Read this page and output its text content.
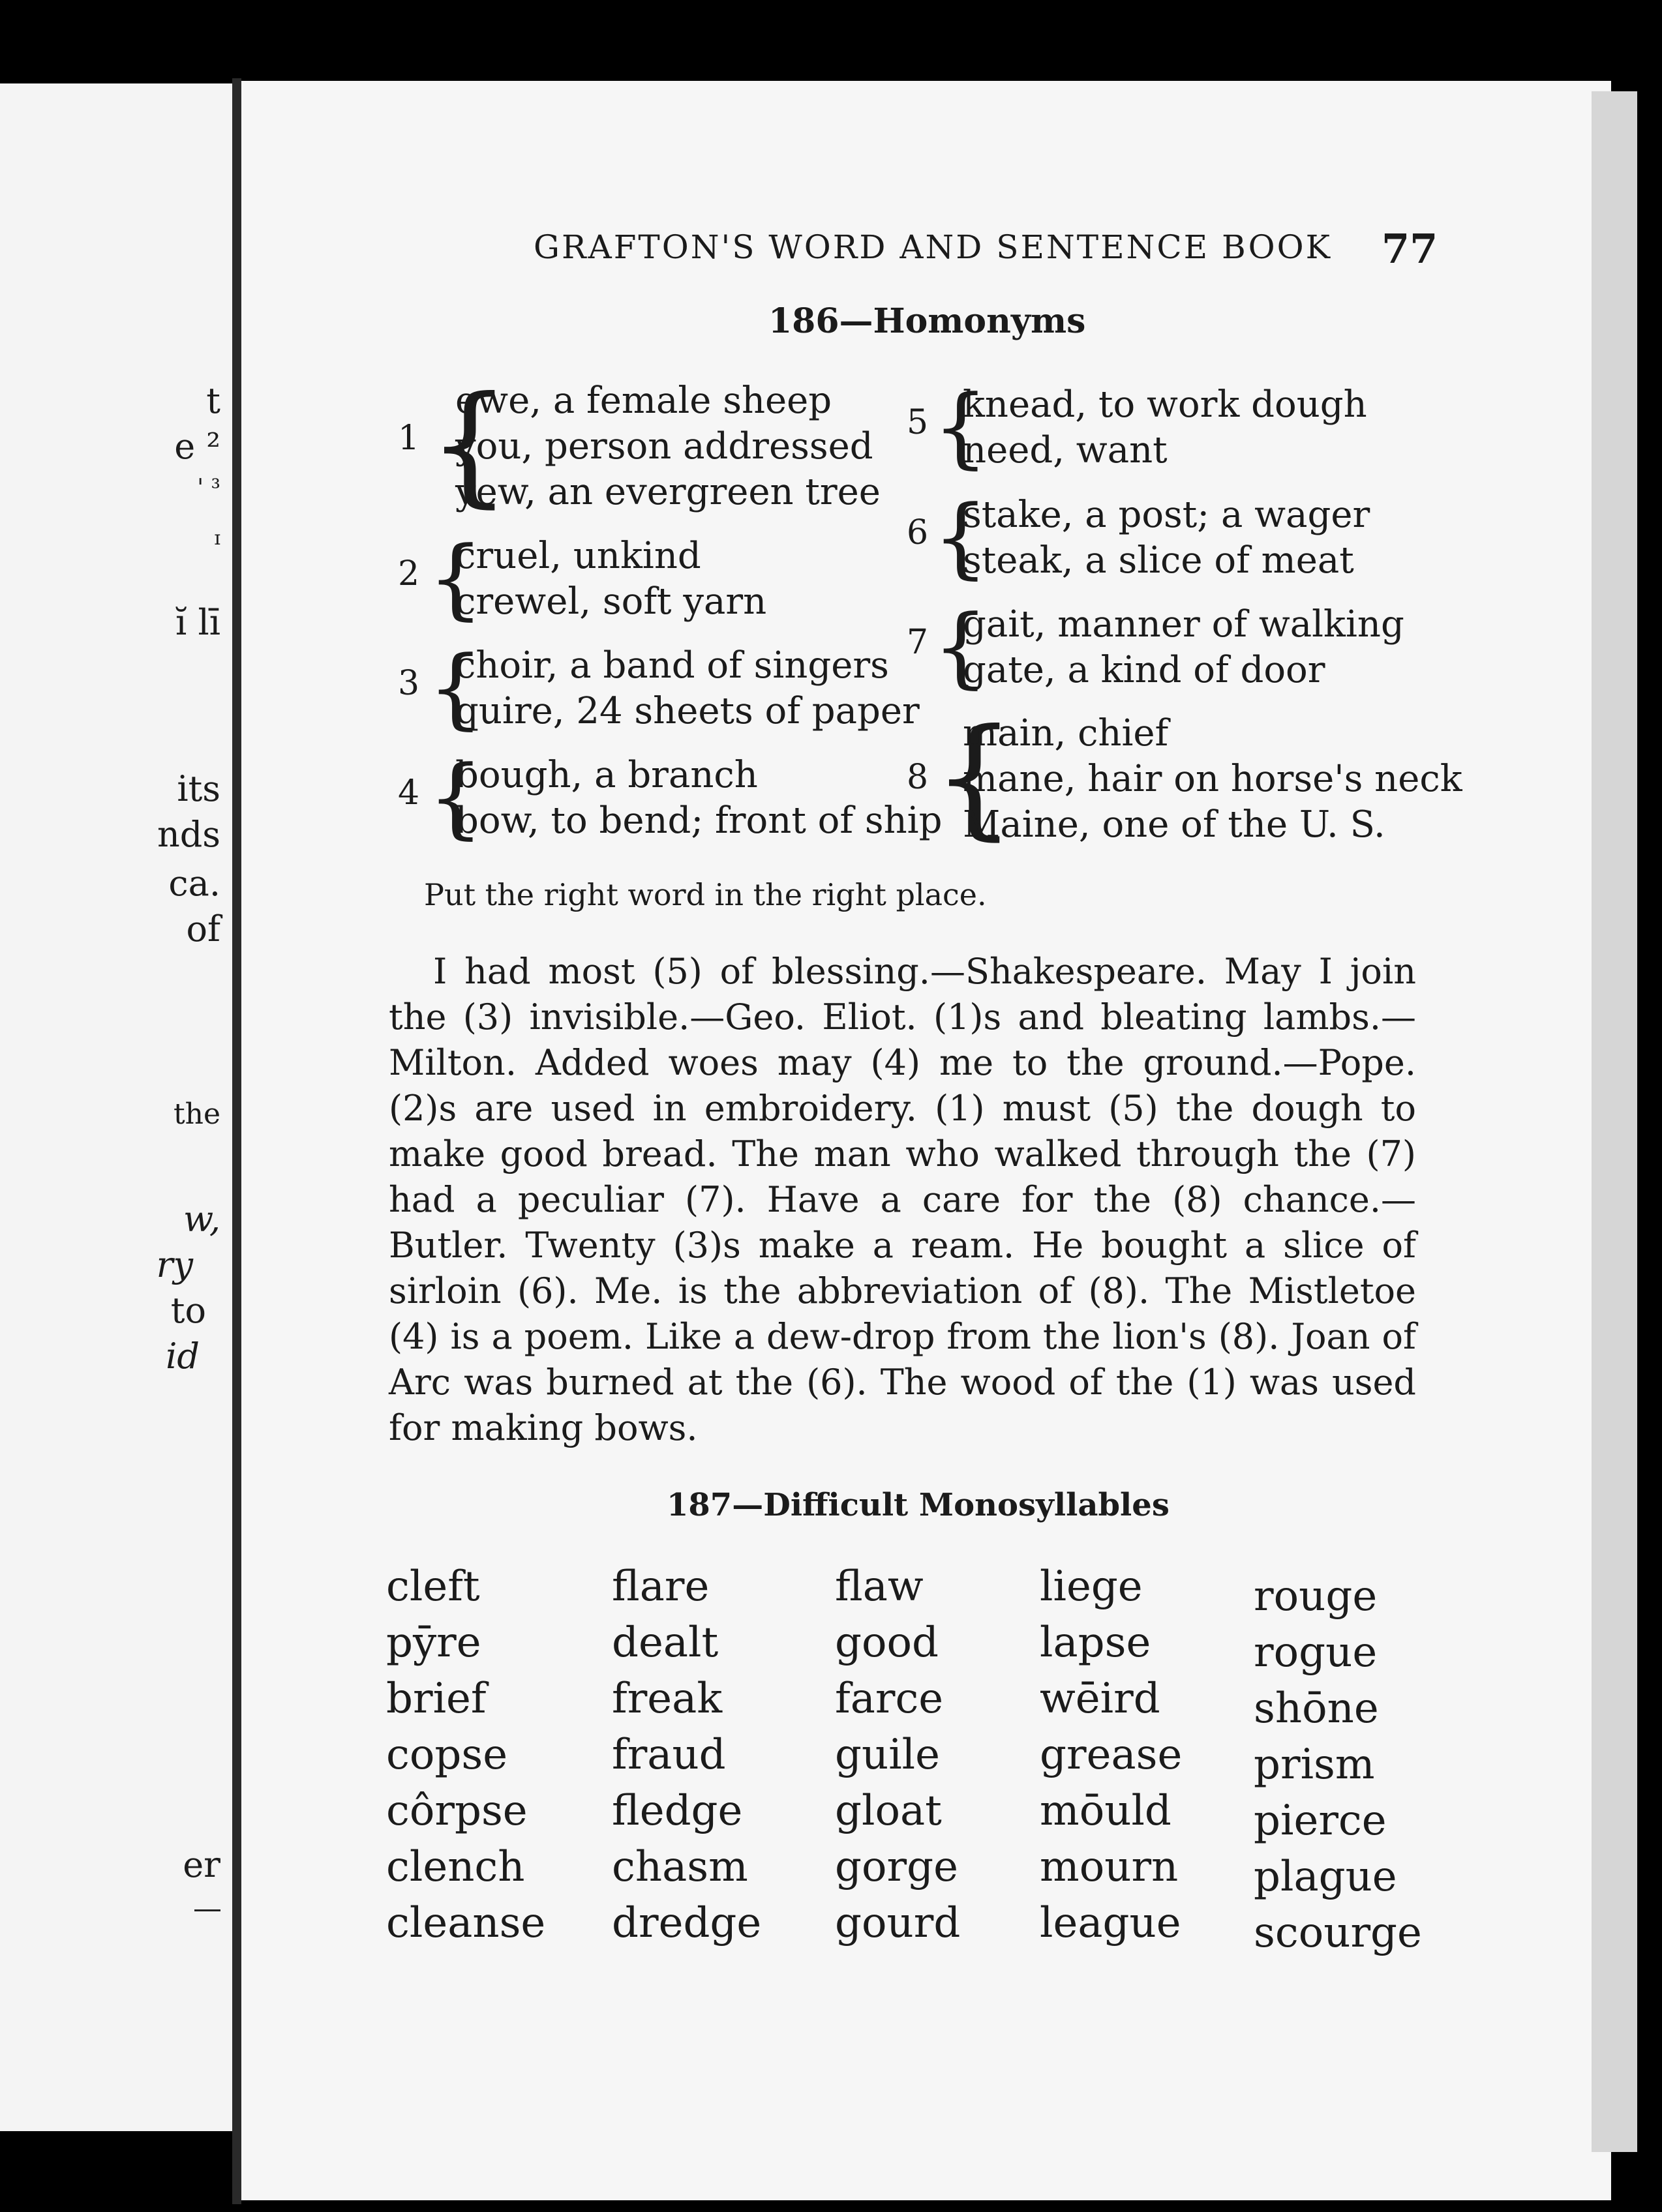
t
e ²
' ³
ɪ
ĭ lī
its
nds
ca.
of
the
w,
ry
to
id
er
GRAFTON'S WORD AND SENTENCE BOOK 77
186—Homonyms
1 {
ewe, a female sheep
you, person addressed
yew, an evergreen tree
2 {
cruel, unkind
crewel, soft yarn
3 {
choir, a band of singers
quire, 24 sheets of paper
4 {
bough, a branch
bow, to bend; front of ship
5 {
knead, to work dough
need, want
6 {
stake, a post; a wager
steak, a slice of meat
7 {
gait, manner of walking
gate, a kind of door
8 {
main, chief
mane, hair on horse's neck
Maine, one of the U. S.
Put the right word in the right place.

I had most (5) of blessing.—Shakespeare. May I join the (3) invisible.—Geo. Eliot. (1)s and bleating lambs.—Milton. Added woes may (4) me to the ground.—Pope. (2)s are used in embroidery. (1) must (5) the dough to make good bread. The man who walked through the (7) had a peculiar (7). Have a care for the (8) chance.—Butler. Twenty (3)s make a ream. He bought a slice of sirloin (6). Me. is the abbreviation of (8). The Mistletoe (4) is a poem. Like a dew-drop from the lion's (8). Joan of Arc was burned at the (6). The wood of the (1) was used for making bows.

187—Difficult Monosyllables
cleft
pȳre
brief
copse
côrpse
clench
cleanse
flare
dealt
freak
fraud
fledge
chasm
dredge
flaw
good
farce
guile
gloat
gorge
gourd
liege
lapse
wēird
grease
mōuld
mourn
league
rouge
rogue
shōne
prism
pierce
plague
scourge
